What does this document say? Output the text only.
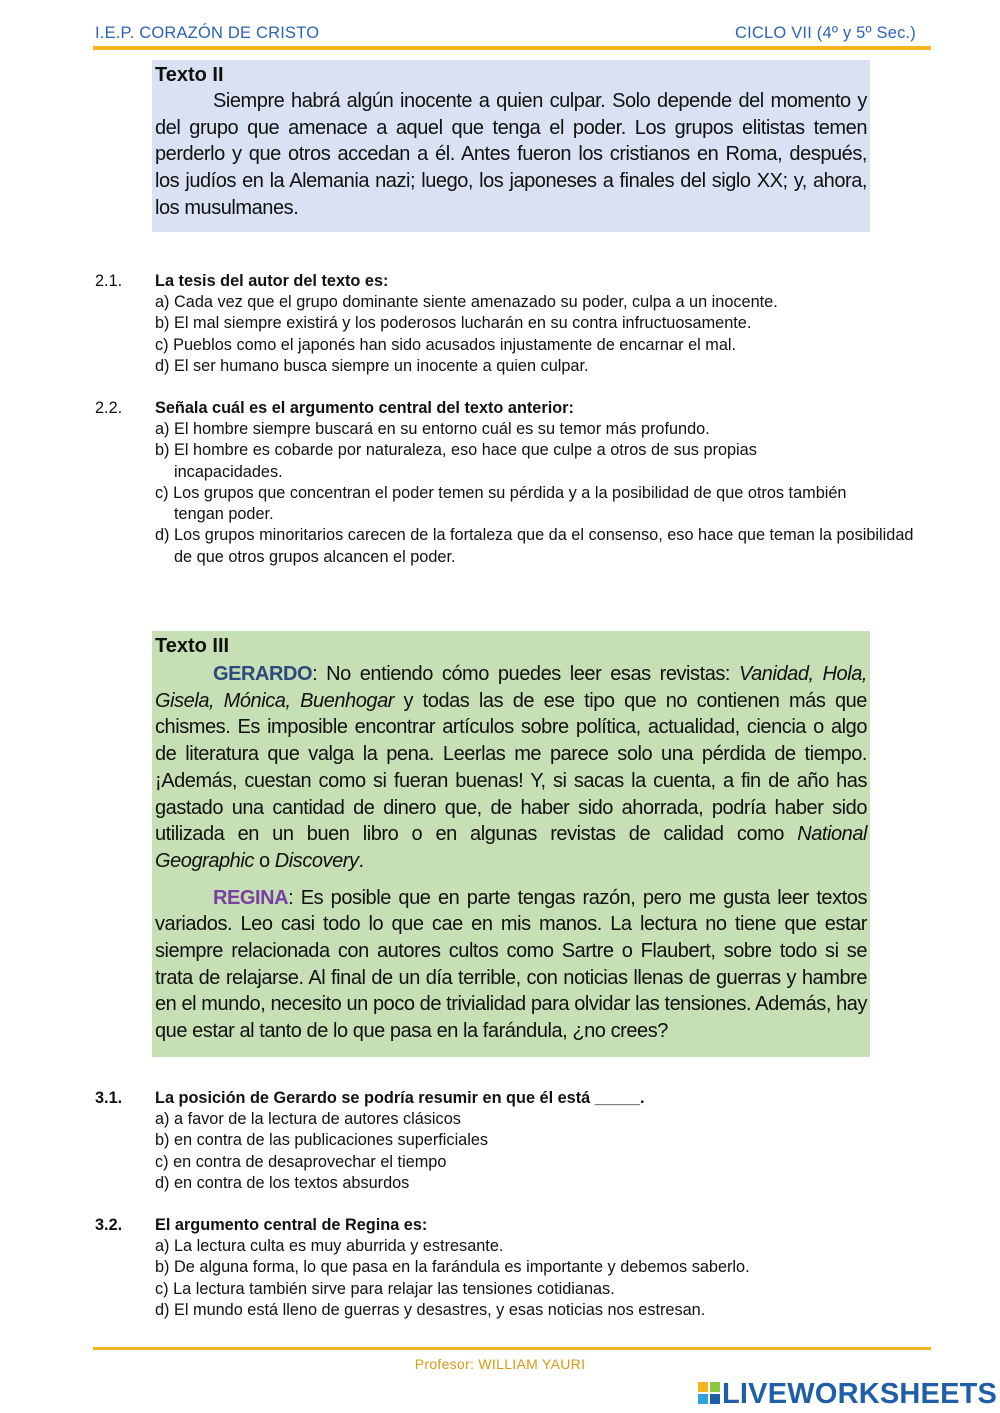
I.E.P. CORAZÓN DE CRISTO	CICLO VII (4º y 5º Sec.)
Texto II

Siempre habrá algún inocente a quien culpar. Solo depende del momento y del grupo que amenace a aquel que tenga el poder. Los grupos elitistas temen perderlo y que otros accedan a él. Antes fueron los cristianos en Roma, después, los judíos en la Alemania nazi; luego, los japoneses a finales del siglo XX; y, ahora, los musulmanes.

2.1. La tesis del autor del texto es:
a) Cada vez que el grupo dominante siente amenazado su poder, culpa a un inocente.
b) El mal siempre existirá y los poderosos lucharán en su contra infructuosamente.
c) Pueblos como el japonés han sido acusados injustamente de encarnar el mal.
d) El ser humano busca siempre un inocente a quien culpar.
2.2. Señala cuál es el argumento central del texto anterior:
a) El hombre siempre buscará en su entorno cuál es su temor más profundo.
b) El hombre es cobarde por naturaleza, eso hace que culpe a otros de sus propias incapacidades.
c) Los grupos que concentran el poder temen su pérdida y a la posibilidad de que otros también tengan poder.
d) Los grupos minoritarios carecen de la fortaleza que da el consenso, eso hace que teman la posibilidad de que otros grupos alcancen el poder.
Texto III

GERARDO: No entiendo cómo puedes leer esas revistas: Vanidad, Hola, Gisela, Mónica, Buenhogar y todas las de ese tipo que no contienen más que chismes. Es imposible encontrar artículos sobre política, actualidad, ciencia o algo de literatura que valga la pena. Leerlas me parece solo una pérdida de tiempo. ¡Además, cuestan como si fueran buenas! Y, si sacas la cuenta, a fin de año has gastado una cantidad de dinero que, de haber sido ahorrada, podría haber sido utilizada en un buen libro o en algunas revistas de calidad como National Geographic o Discovery.

REGINA: Es posible que en parte tengas razón, pero me gusta leer textos variados. Leo casi todo lo que cae en mis manos. La lectura no tiene que estar siempre relacionada con autores cultos como Sartre o Flaubert, sobre todo si se trata de relajarse. Al final de un día terrible, con noticias llenas de guerras y hambre en el mundo, necesito un poco de trivialidad para olvidar las tensiones. Además, hay que estar al tanto de lo que pasa en la farándula, ¿no crees?

3.1. La posición de Gerardo se podría resumir en que él está _____.
a) a favor de la lectura de autores clásicos
b) en contra de las publicaciones superficiales
c) en contra de desaprovechar el tiempo
d) en contra de los textos absurdos
3.2. El argumento central de Regina es:
a) La lectura culta es muy aburrida y estresante.
b) De alguna forma, lo que pasa en la farándula es importante y debemos saberlo.
c) La lectura también sirve para relajar las tensiones cotidianas.
d) El mundo está lleno de guerras y desastres, y esas noticias nos estresan.
Profesor: WILLIAM YAURI
LIVEWORKSHEETS
